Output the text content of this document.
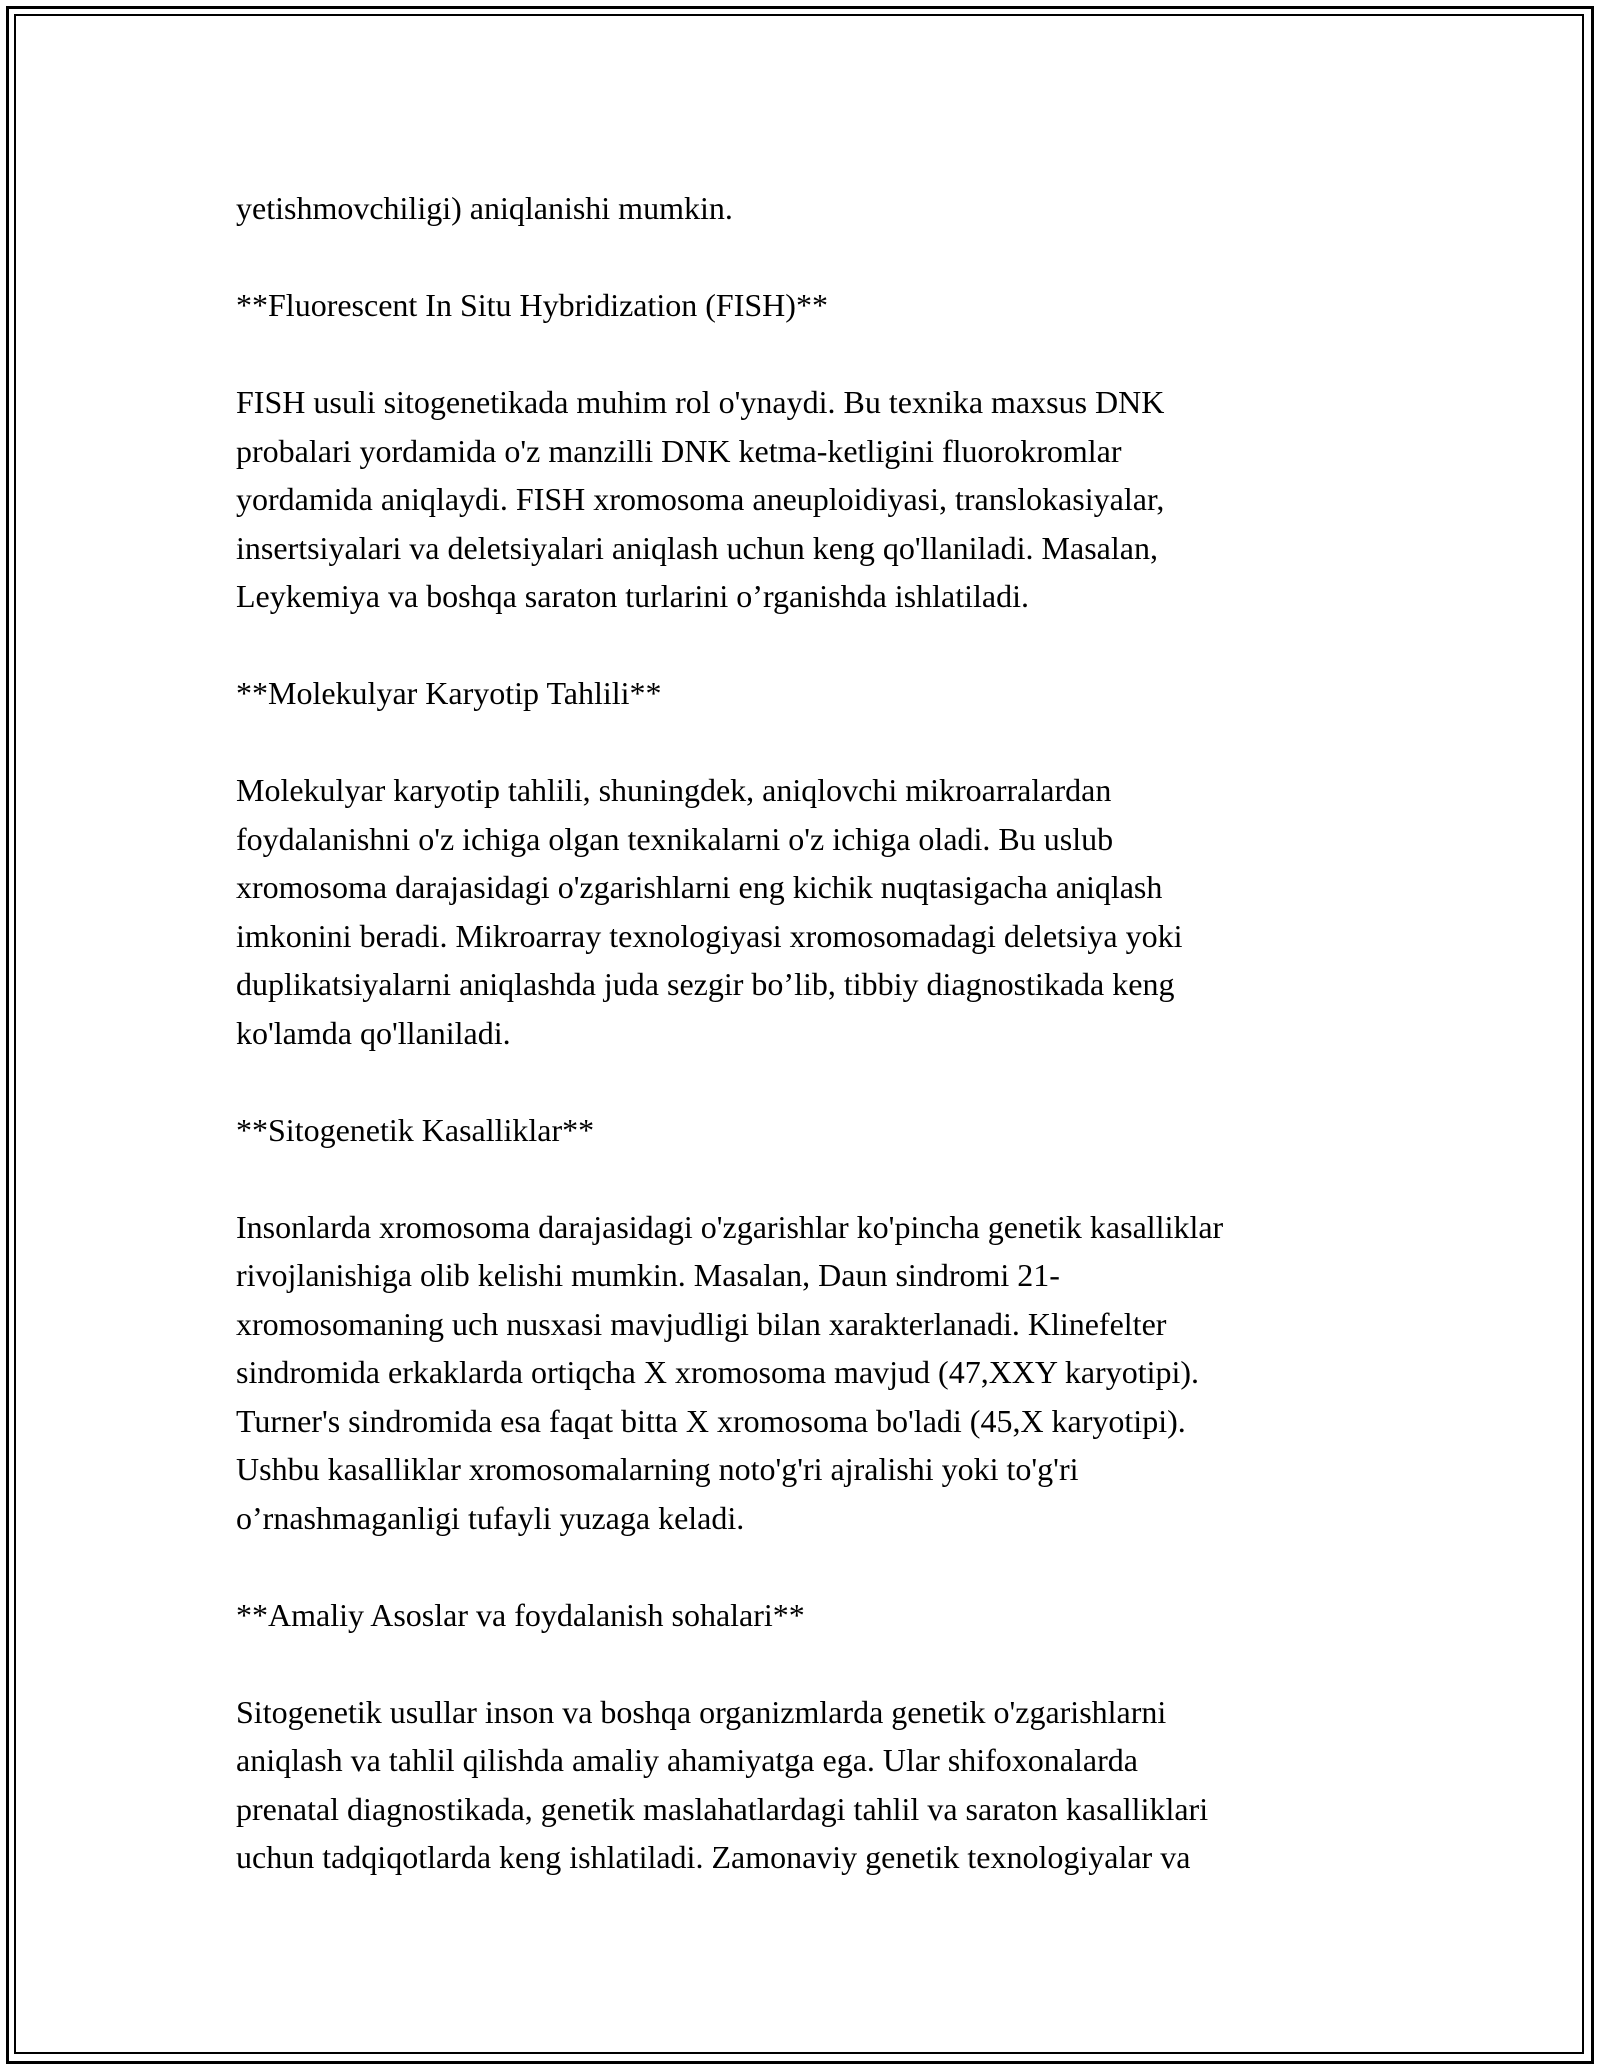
yetishmovchiligi) aniqlanishi mumkin.

**Fluorescent In Situ Hybridization (FISH)**

FISH usuli sitogenetikada muhim rol o'ynaydi. Bu texnika maxsus DNK
probalari yordamida o'z manzilli DNK ketma-ketligini fluorokromlar
yordamida aniqlaydi. FISH xromosoma aneuploidiyasi, translokasiyalar,
insertsiyalari va deletsiyalari aniqlash uchun keng qo'llaniladi. Masalan,
Leykemiya va boshqa saraton turlarini o’rganishda ishlatiladi.

**Molekulyar Karyotip Tahlili**

Molekulyar karyotip tahlili, shuningdek, aniqlovchi mikroarralardan
foydalanishni o'z ichiga olgan texnikalarni o'z ichiga oladi. Bu uslub
xromosoma darajasidagi o'zgarishlarni eng kichik nuqtasigacha aniqlash
imkonini beradi. Mikroarray texnologiyasi xromosomadagi deletsiya yoki
duplikatsiyalarni aniqlashda juda sezgir bo’lib, tibbiy diagnostikada keng
ko'lamda qo'llaniladi.

**Sitogenetik Kasalliklar**

Insonlarda xromosoma darajasidagi o'zgarishlar ko'pincha genetik kasalliklar
rivojlanishiga olib kelishi mumkin. Masalan, Daun sindromi 21-
xromosomaning uch nusxasi mavjudligi bilan xarakterlanadi. Klinefelter
sindromida erkaklarda ortiqcha X xromosoma mavjud (47,XXY karyotipi).
Turner's sindromida esa faqat bitta X xromosoma bo'ladi (45,X karyotipi).
Ushbu kasalliklar xromosomalarning noto'g'ri ajralishi yoki to'g'ri
o’rnashmaganligi tufayli yuzaga keladi.

**Amaliy Asoslar va foydalanish sohalari**

Sitogenetik usullar inson va boshqa organizmlarda genetik o'zgarishlarni
aniqlash va tahlil qilishda amaliy ahamiyatga ega. Ular shifoxonalarda
prenatal diagnostikada, genetik maslahatlardagi tahlil va saraton kasalliklari
uchun tadqiqotlarda keng ishlatiladi. Zamonaviy genetik texnologiyalar va
